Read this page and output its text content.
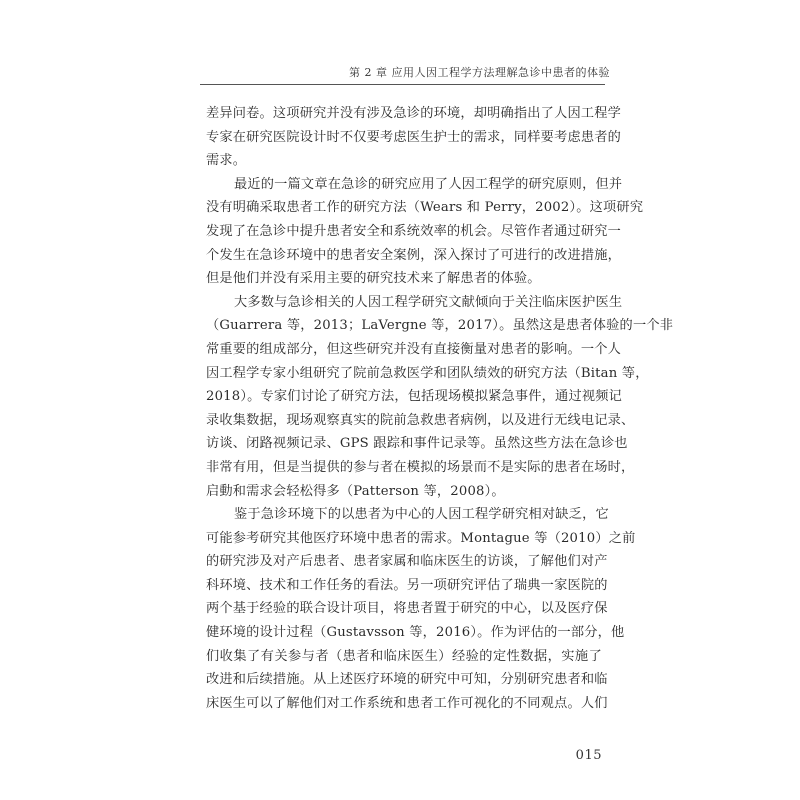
第 2 章 应用人因工程学方法理解急诊中患者的体验

差异问卷。这项研究并没有涉及急诊的环境，却明确指出了人因工程学
专家在研究医院设计时不仅要考虑医生护士的需求，同样要考虑患者的
需求。

最近的一篇文章在急诊的研究应用了人因工程学的研究原则，但并
没有明确采取患者工作的研究方法（Wears 和 Perry，2002）。这项研究
发现了在急诊中提升患者安全和系统效率的机会。尽管作者通过研究一
个发生在急诊环境中的患者安全案例，深入探讨了可进行的改进措施，
但是他们并没有采用主要的研究技术来了解患者的体验。

大多数与急诊相关的人因工程学研究文献倾向于关注临床医护医生
（Guarrera 等，2013；LaVergne 等，2017）。虽然这是患者体验的一个非
常重要的组成部分，但这些研究并没有直接衡量对患者的影响。一个人
因工程学专家小组研究了院前急救医学和团队绩效的研究方法（Bitan 等，
2018）。专家们讨论了研究方法，包括现场模拟紧急事件，通过视频记
录收集数据，现场观察真实的院前急救患者病例，以及进行无线电记录、
访谈、闭路视频记录、GPS 跟踪和事件记录等。虽然这些方法在急诊也
非常有用，但是当提供的参与者在模拟的场景而不是实际的患者在场时，
启動和需求会轻松得多（Patterson 等，2008）。

鉴于急诊环境下的以患者为中心的人因工程学研究相对缺乏，它
可能参考研究其他医疗环境中患者的需求。Montague 等（2010）之前
的研究涉及对产后患者、患者家属和临床医生的访谈，了解他们对产
科环境、技术和工作任务的看法。另一项研究评估了瑞典一家医院的
两个基于经验的联合设计项目，将患者置于研究的中心，以及医疗保
健环境的设计过程（Gustavsson 等，2016）。作为评估的一部分，他
们收集了有关参与者（患者和临床医生）经验的定性数据，实施了
改进和后续措施。从上述医疗环境的研究中可知，分别研究患者和临
床医生可以了解他们对工作系统和患者工作可视化的不同观点。人们

015
